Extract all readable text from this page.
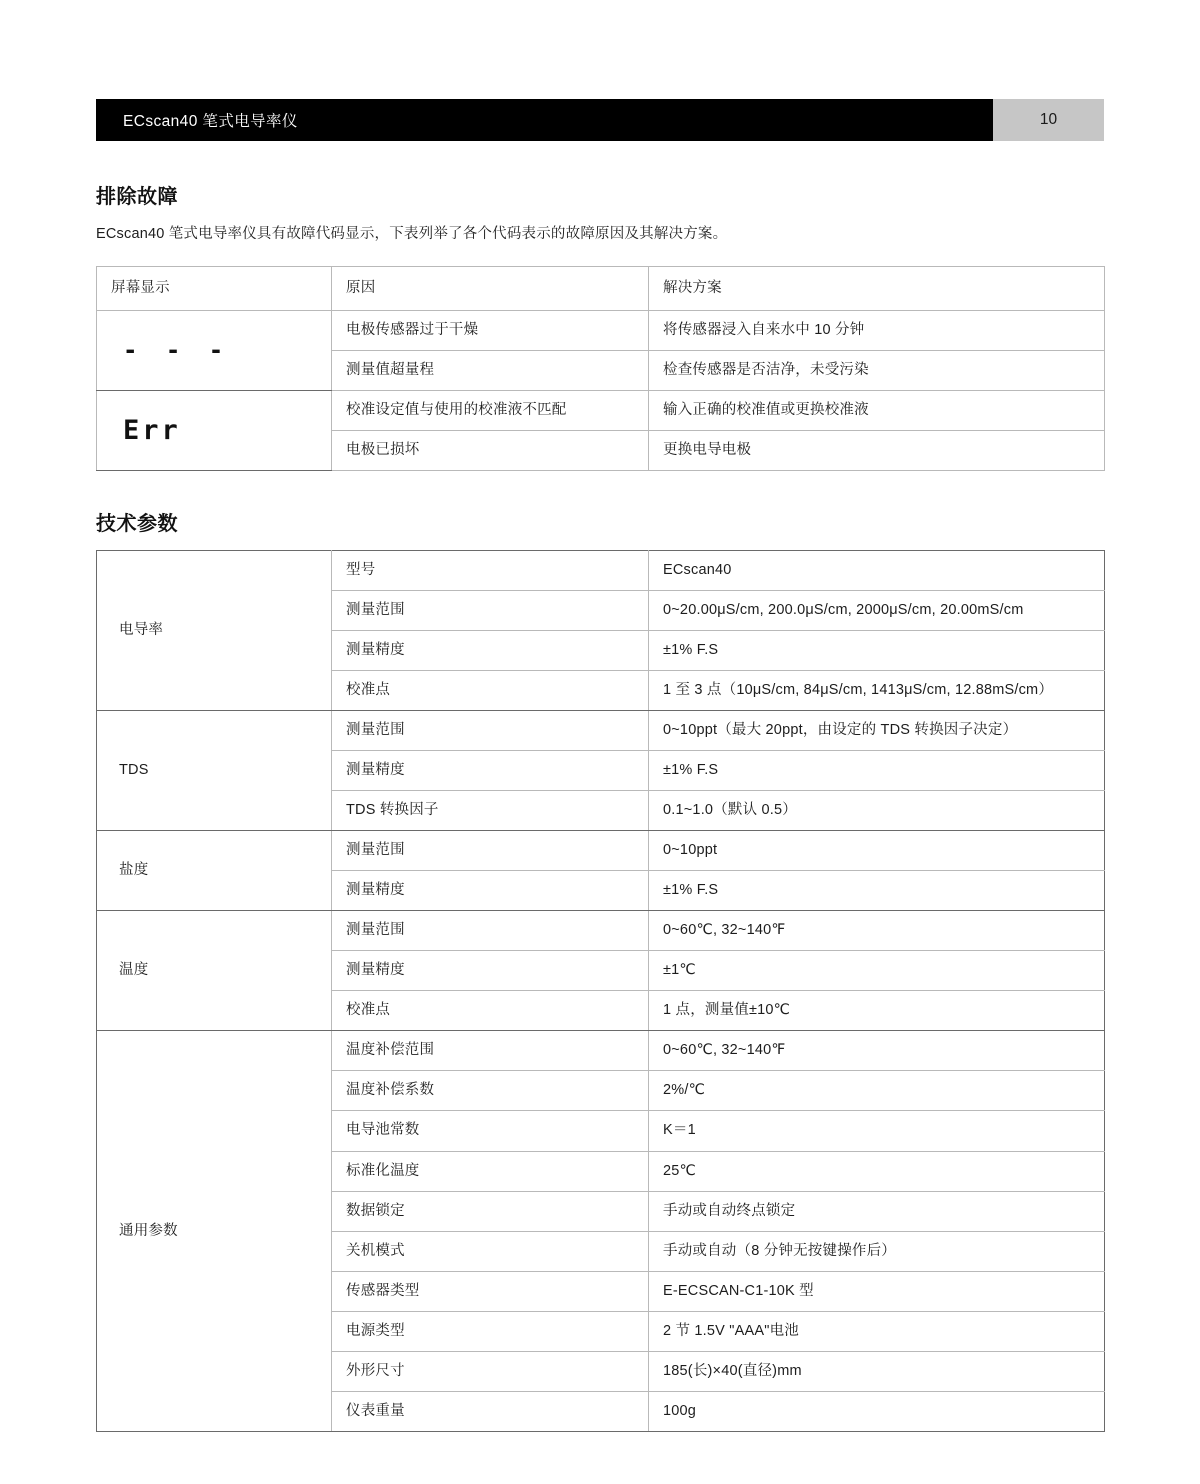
ECscan40 笔式电导率仪	10
排除故障

ECscan40 笔式电导率仪具有故障代码显示，下表列举了各个代码表示的故障原因及其解决方案。

屏幕显示	原因	解决方案
- - -	电极传感器过于干燥	将传感器浸入自来水中 10 分钟
	测量值超量程	检查传感器是否洁净，未受污染
Err	校准设定值与使用的校准液不匹配	输入正确的校准值或更换校准液
	电极已损坏	更换电导电极
技术参数
电导率	型号	ECscan40
	测量范围	0~20.00μS/cm, 200.0μS/cm, 2000μS/cm, 20.00mS/cm
	测量精度	±1% F.S
	校准点	1 至 3 点（10μS/cm, 84μS/cm, 1413μS/cm, 12.88mS/cm）
TDS	测量范围	0~10ppt（最大 20ppt，由设定的 TDS 转换因子决定）
	测量精度	±1% F.S
	TDS 转换因子	0.1~1.0（默认 0.5）
盐度	测量范围	0~10ppt
	测量精度	±1% F.S
温度	测量范围	0~60℃, 32~140℉
	测量精度	±1℃
	校准点	1 点，测量值±10℃
通用参数	温度补偿范围	0~60℃, 32~140℉
	温度补偿系数	2%/℃
	电导池常数	K＝1
	标准化温度	25℃
	数据锁定	手动或自动终点锁定
	关机模式	手动或自动（8 分钟无按键操作后）
	传感器类型	E-ECSCAN-C1-10K 型
	电源类型	2 节 1.5V "AAA"电池
	外形尺寸	185(长)×40(直径)mm
	仪表重量	100g
